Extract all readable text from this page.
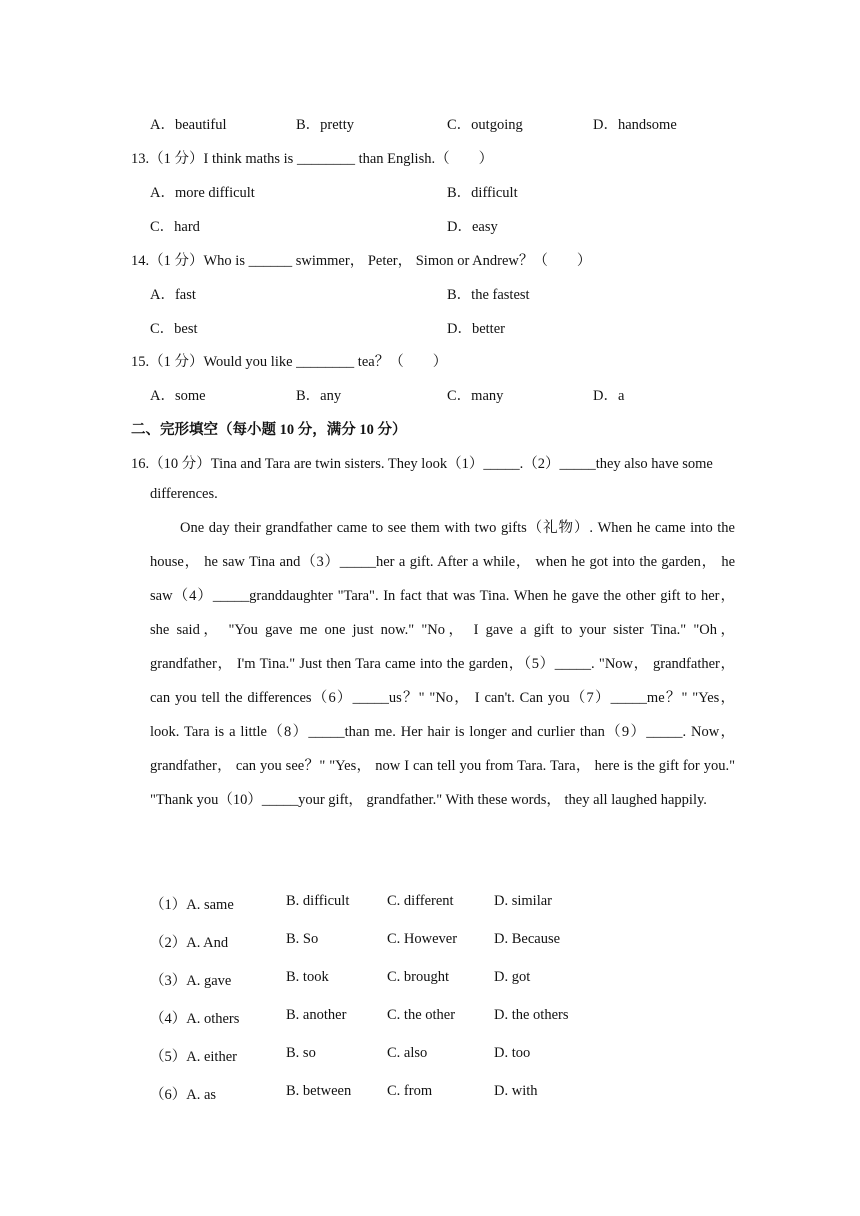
A．beautiful	B．pretty	C．outgoing	D．handsome
13.（1 分）I think maths is ________ than English.（　　）
A．more difficult	B．difficult
C．hard	D．easy
14.（1 分）Who is ______ swimmer， Peter， Simon or Andrew？（　　）
A．fast	B．the fastest
C．best	D．better
15.（1 分）Would you like ________ tea？（　　）
A．some	B．any	C．many	D．a
二、完形填空（每小题 10 分，满分 10 分）
16.（10 分）Tina and Tara are twin sisters. They look（1）_____.（2）_____they also have some
differences.
One day their grandfather came to see them with two gifts（礼物）. When he came into the house， he saw Tina and（3）_____her a gift. After a while， when he got into the garden， he saw（4）_____granddaughter "Tara". In fact that was Tina. When he gave the other gift to her， she said， "You gave me one just now." "No， I gave a gift to your sister Tina." "Oh， grandfather， I'm Tina." Just then Tara came into the garden，（5）_____. "Now， grandfather， can you tell the differences（6）_____us？" "No， I can't. Can you（7）_____me？" "Yes， look. Tara is a little（8）_____than me. Her hair is longer and curlier than（9）_____. Now， grandfather， can you see？" "Yes， now I can tell you from Tara. Tara， here is the gift for you." "Thank you（10）_____your gift， grandfather." With these words， they all laughed happily.
（1）A. same	B. difficult	C. different	D. similar
（2）A. And	B. So	C. However	D. Because
（3）A. gave	B. took	C. brought	D. got
（4）A. others	B. another	C. the other	D. the others
（5）A. either	B. so	C. also	D. too
（6）A. as	B. between C. from	D. with
